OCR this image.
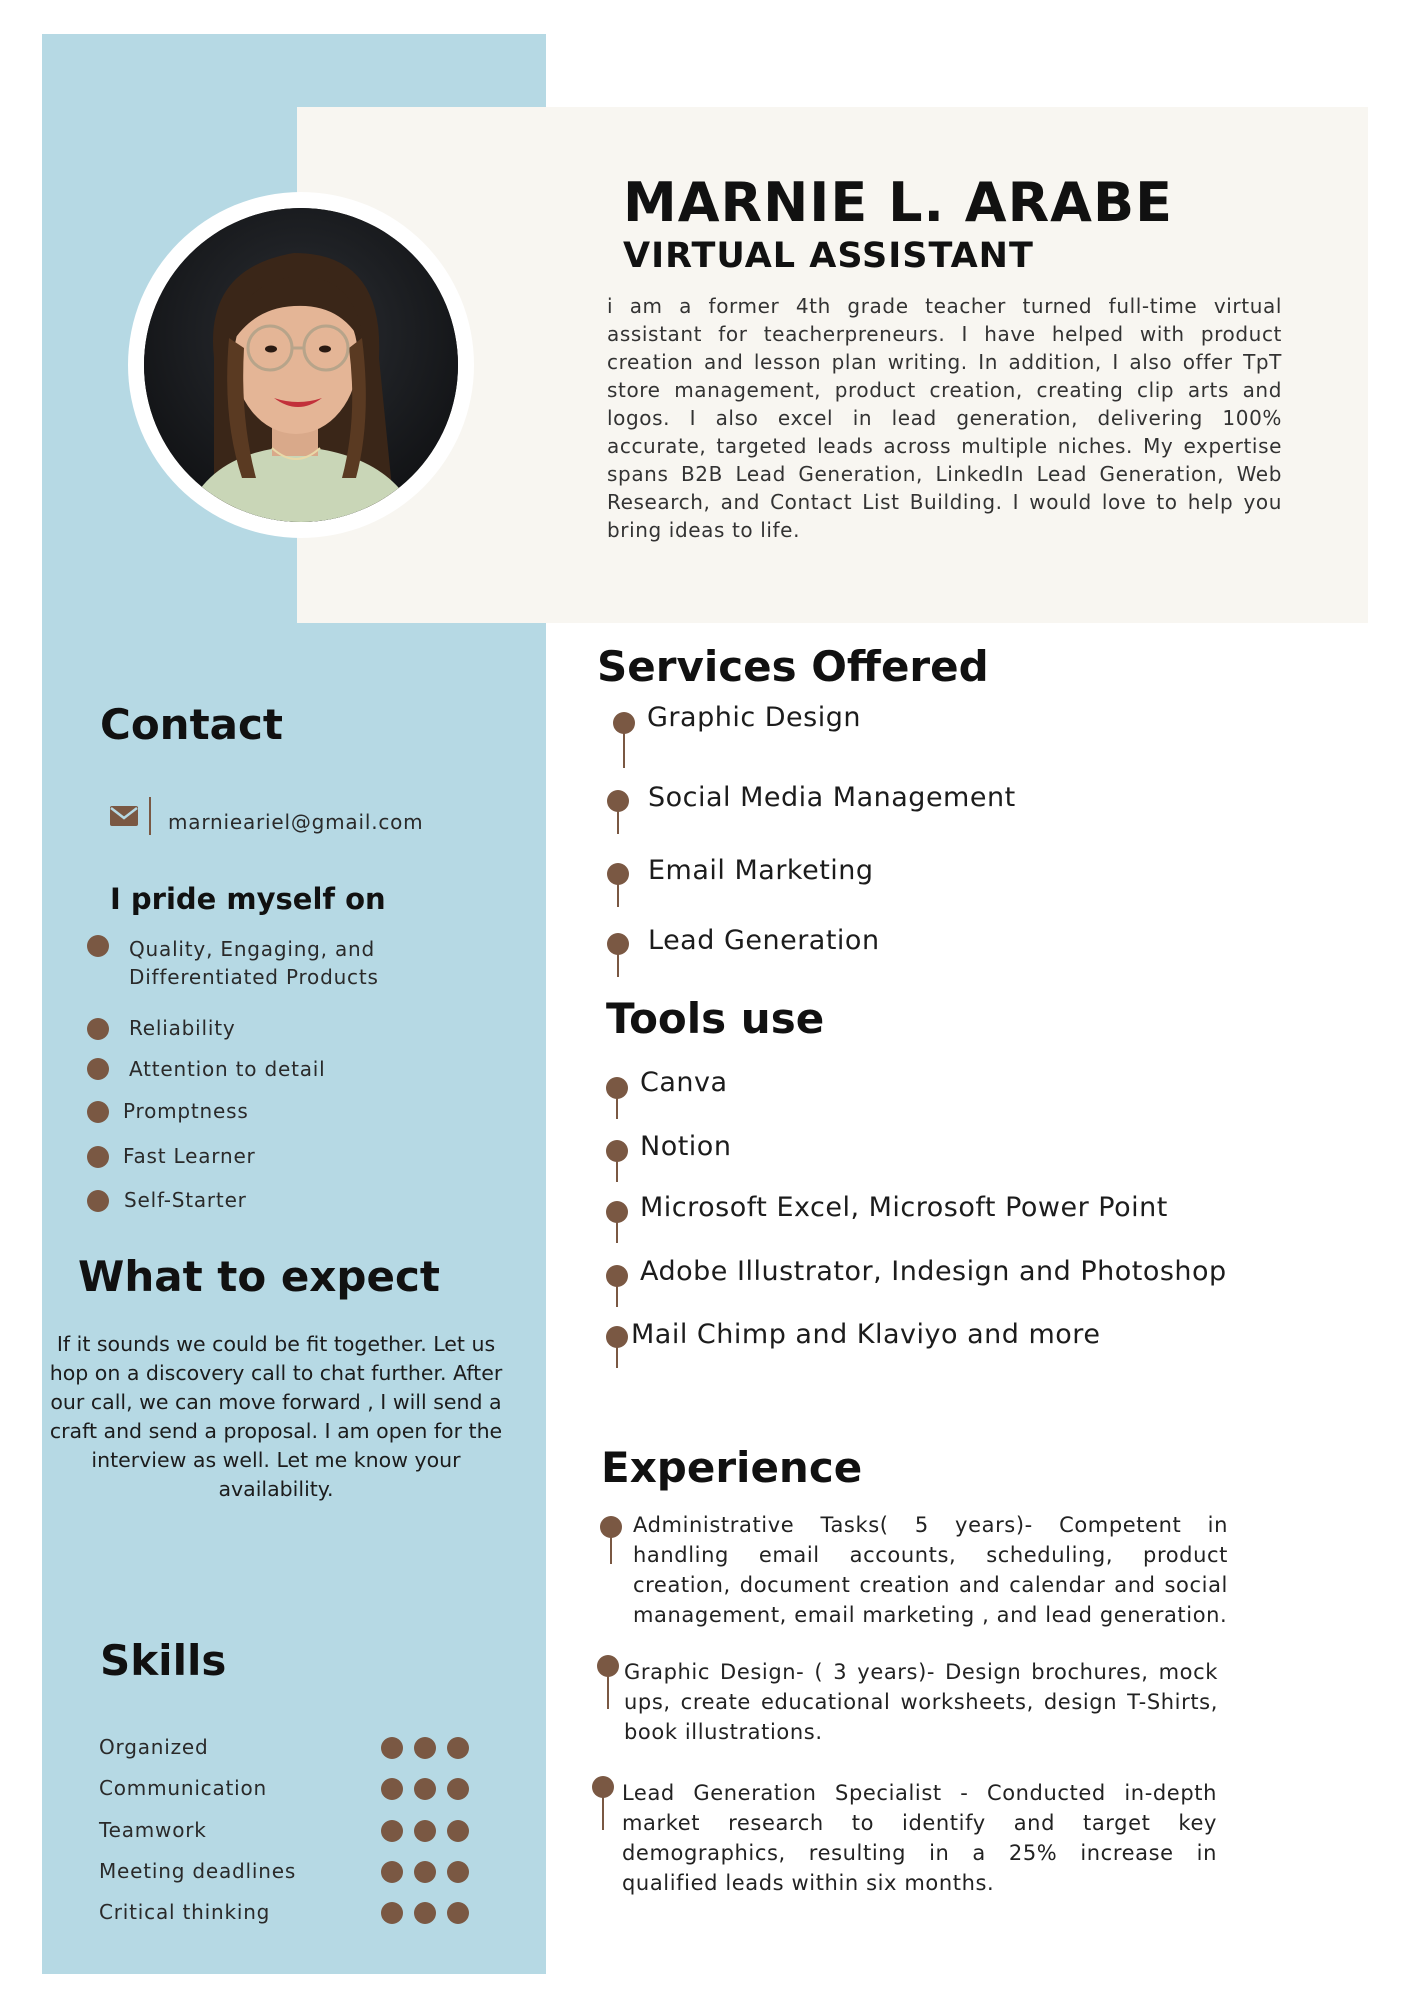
MARNIE L. ARABE
VIRTUAL ASSISTANT
i am a former 4th grade teacher turned full-time virtual assistant for teacherpreneurs. I have helped with product creation and lesson plan writing. In addition, I also offer TpT store management, product creation, creating clip arts and logos. I also excel in lead generation, delivering 100% accurate, targeted leads across multiple niches. My expertise spans B2B Lead Generation, LinkedIn Lead Generation, Web Research, and Contact List Building. I would love to help you bring ideas to life.
Contact
marnieariel@gmail.com
I pride myself on
Quality, Engaging, and
Differentiated Products
Reliability
Attention to detail
Promptness
Fast Learner
Self-Starter
What to expect
If it sounds we could be fit together. Let us hop on a discovery call to chat further. After our call, we can move forward , I will send a craft and send a proposal. I am open for the interview as well. Let me know your availability.
Skills
Organized
Communication
Teamwork
Meeting deadlines
Critical thinking
Services Offered
Graphic Design
Social Media Management
Email Marketing
Lead Generation
Tools use
Canva
Notion
Microsoft Excel, Microsoft Power Point
Adobe Illustrator, Indesign and Photoshop
Mail Chimp and Klaviyo and more
Experience
Administrative Tasks( 5 years)- Competent in handling email accounts, scheduling, product creation, document creation and calendar and social management, email marketing , and lead generation.
Graphic Design- ( 3 years)- Design brochures, mock ups, create educational worksheets, design T-Shirts, book illustrations.
Lead Generation Specialist - Conducted in-depth market research to identify and target key demographics, resulting in a 25% increase in qualified leads within six months.
